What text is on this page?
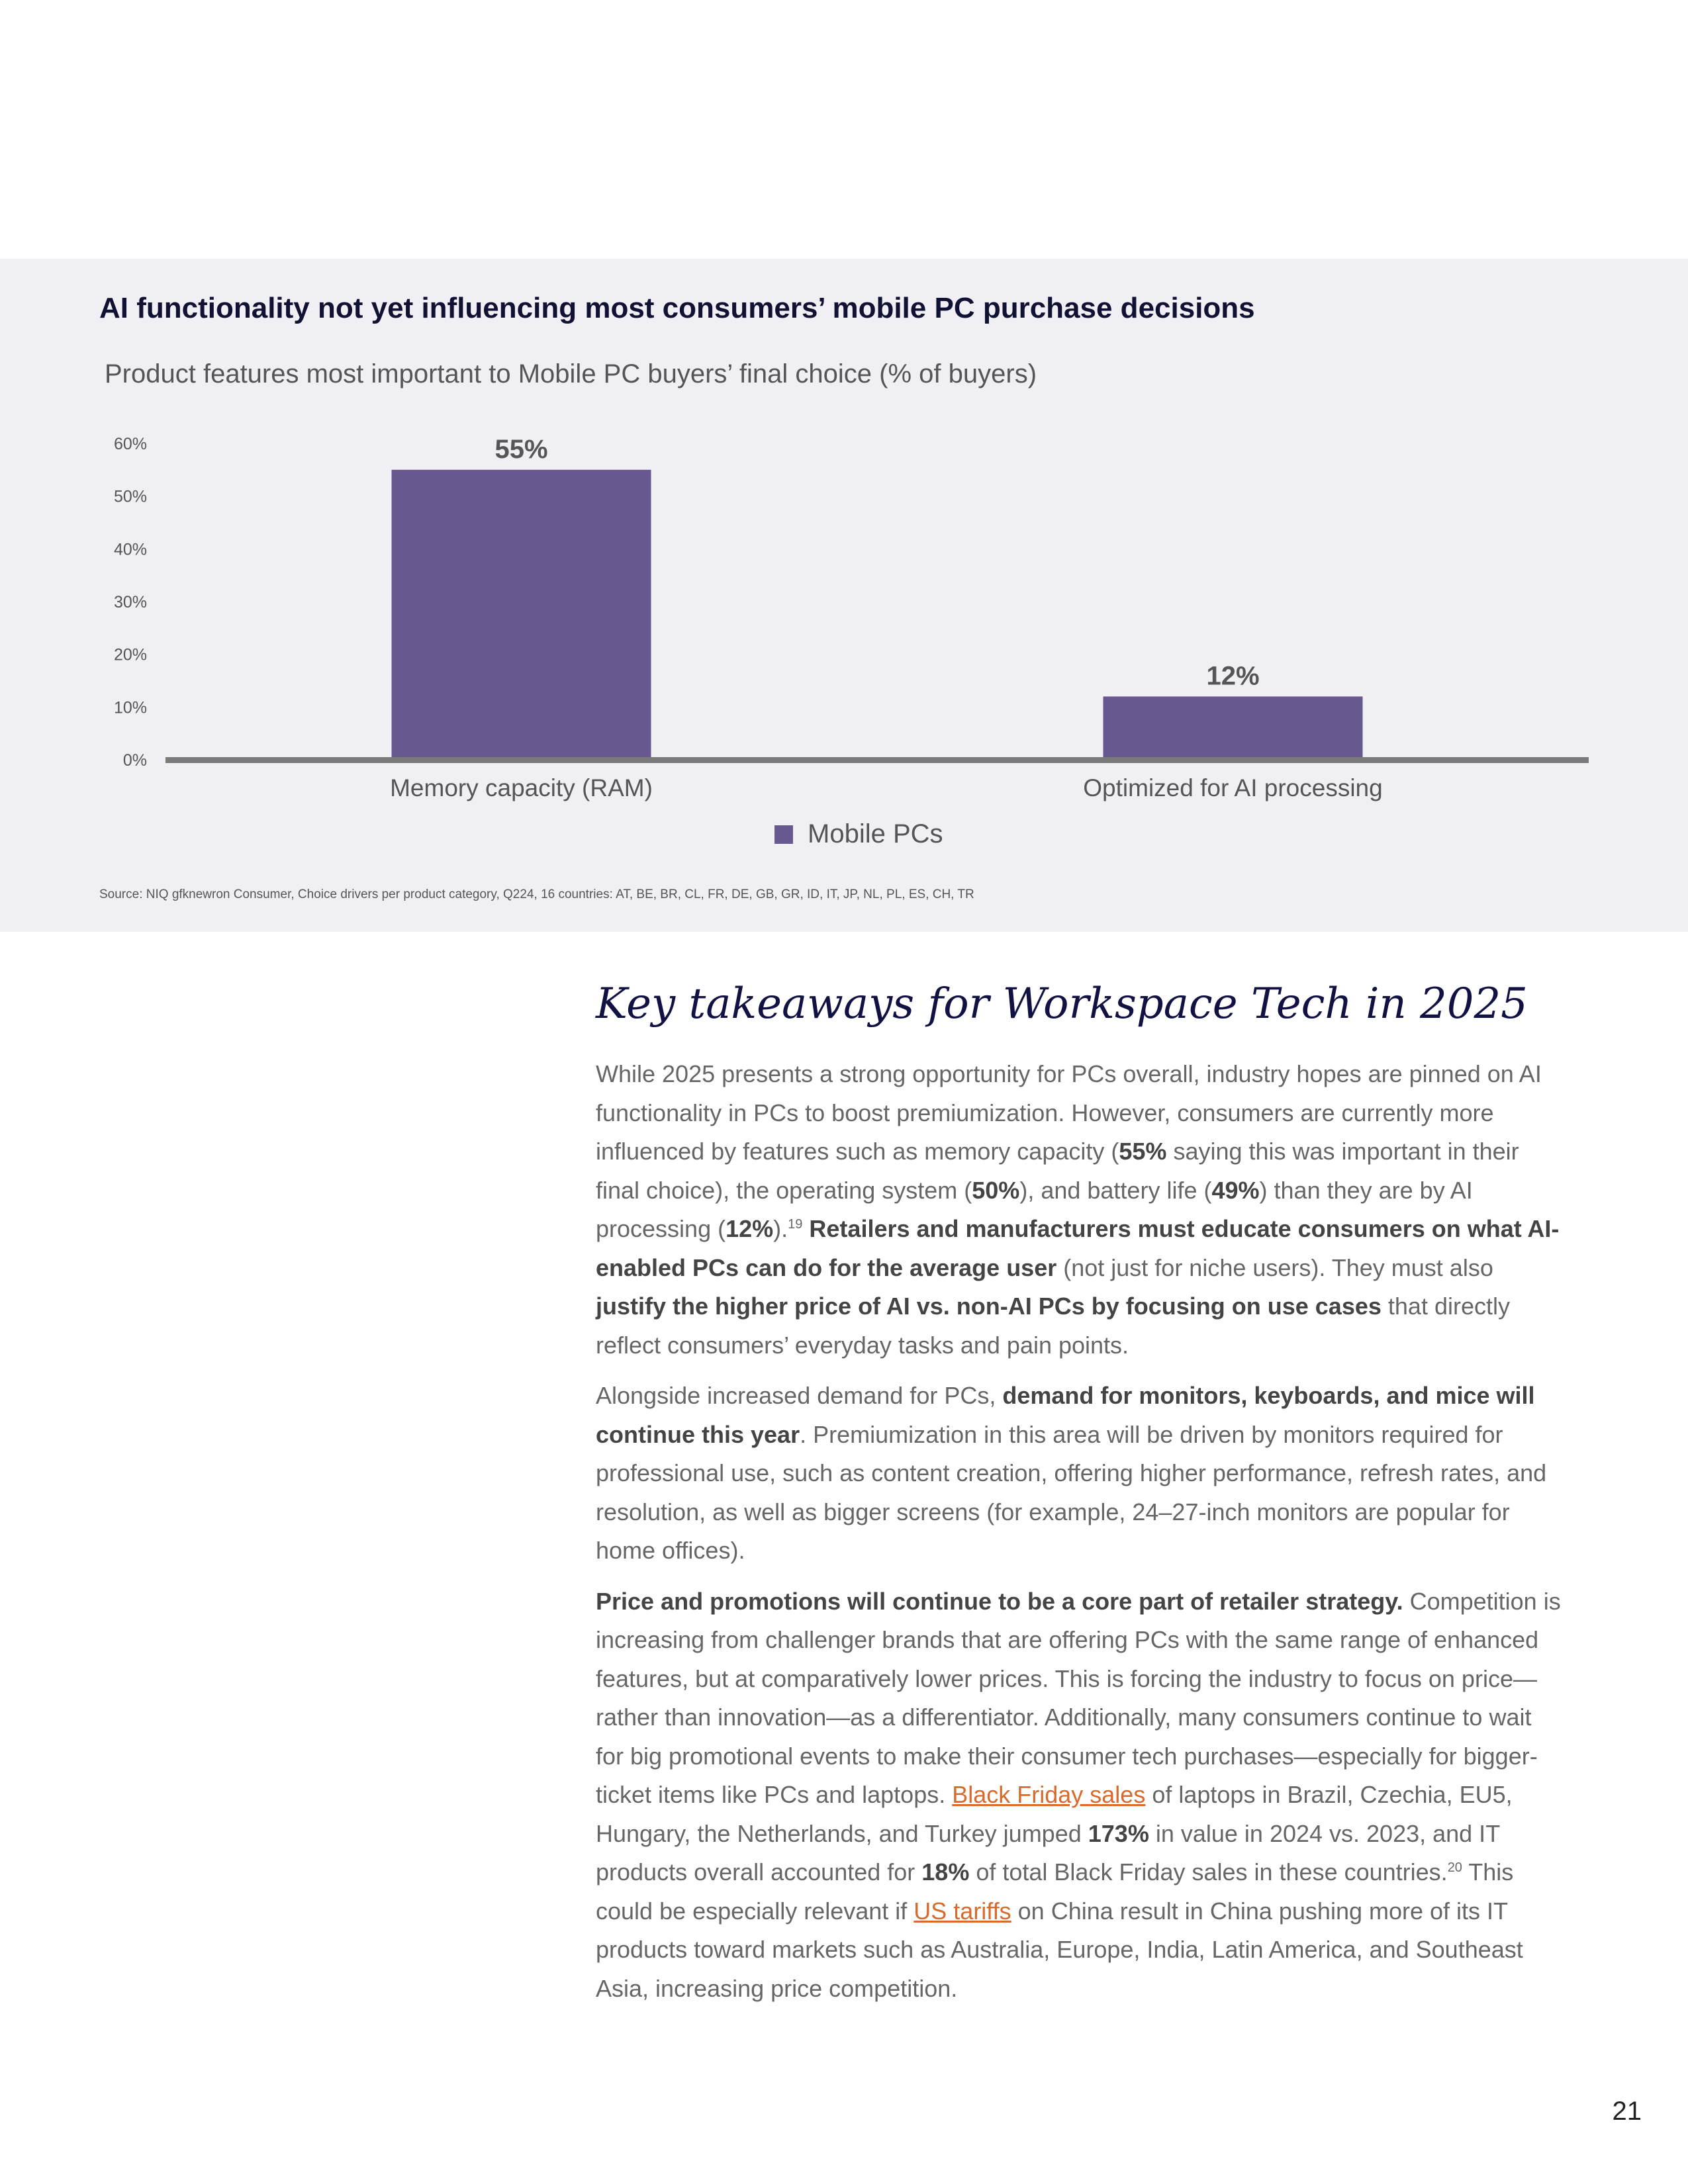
AI functionality not yet influencing most consumers’ mobile PC purchase decisions

Product features most important to Mobile PC buyers’ final choice (% of buyers)

0%
10%
20%
30%
40%
50%
60%	55%
Memory capacity (RAM)
12%
Optimized for AI processing
Mobile PCs
Source: NIQ gfknewron Consumer, Choice drivers per product category, Q224, 16 countries: AT, BE, BR, CL, FR, DE, GB, GR, ID, IT, JP, NL, PL, ES, CH, TR
Key takeaways for Workspace Tech in 2025

While 2025 presents a strong opportunity for PCs overall, industry hopes are pinned on AI functionality in PCs to boost premiumization. However, consumers are currently more influenced by features such as memory capacity (55% saying this was important in their final choice), the operating system (50%), and battery life (49%) than they are by AI processing (12%).$^{19}$ Retailers and manufacturers must educate consumers on what AI-enabled PCs can do for the average user (not just for niche users). They must also justify the higher price of AI vs. non-AI PCs by focusing on use cases that directly reflect consumers’ everyday tasks and pain points.

Alongside increased demand for PCs, demand for monitors, keyboards, and mice will continue this year. Premiumization in this area will be driven by monitors required for professional use, such as content creation, offering higher performance, refresh rates, and resolution, as well as bigger screens (for example, 24–27-inch monitors are popular for home offices).

Price and promotions will continue to be a core part of retailer strategy. Competition is increasing from challenger brands that are offering PCs with the same range of enhanced features, but at comparatively lower prices. This is forcing the industry to focus on price—rather than innovation—as a differentiator. Additionally, many consumers continue to wait for big promotional events to make their consumer tech purchases—especially for bigger-ticket items like PCs and laptops. Black Friday sales of laptops in Brazil, Czechia, EU5, Hungary, the Netherlands, and Turkey jumped 173% in value in 2024 vs. 2023, and IT products overall accounted for 18% of total Black Friday sales in these countries.$^{20}$ This could be especially relevant if US tariffs on China result in China pushing more of its IT products toward markets such as Australia, Europe, India, Latin America, and Southeast Asia, increasing price competition.

21
